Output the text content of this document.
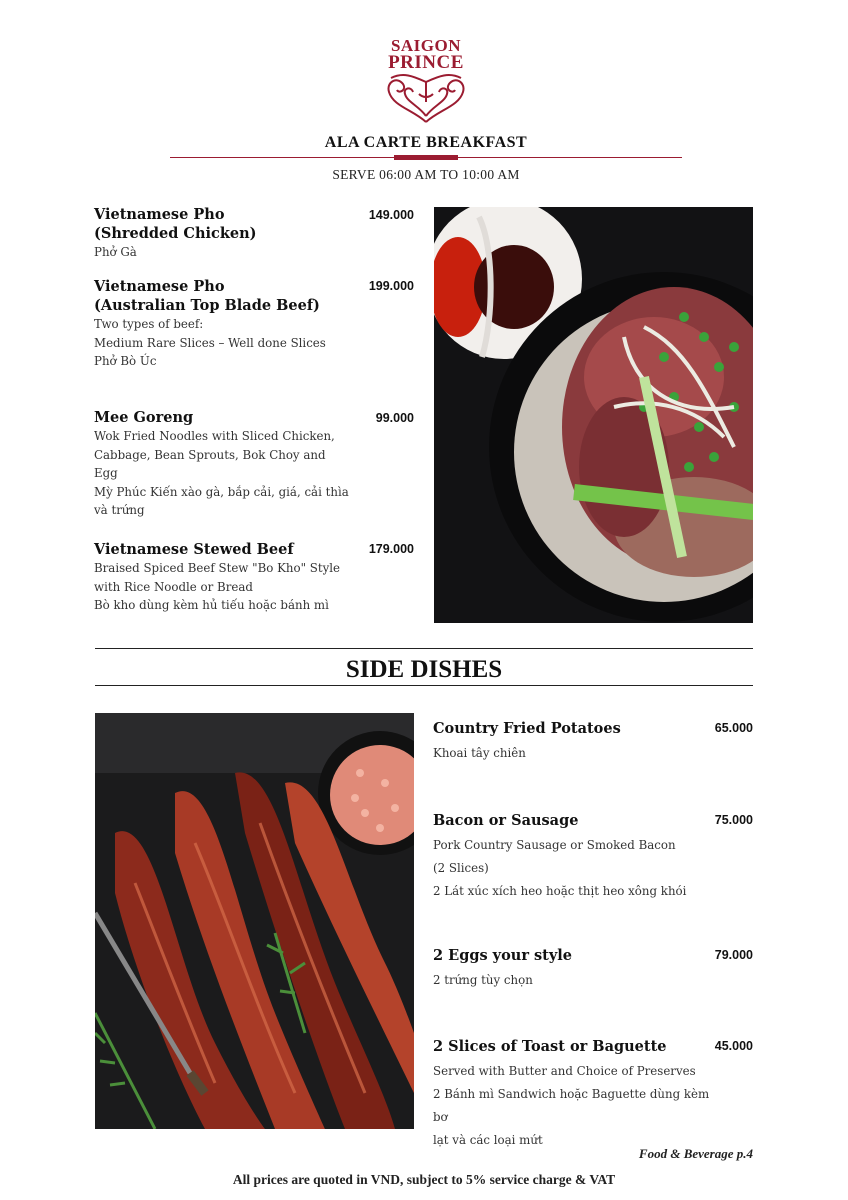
SAIGON
PRINCE
ALA CARTE BREAKFAST
SERVE 06:00 AM TO 10:00 AM
Vietnamese Pho
(Shredded Chicken)
Phở Gà
149.000
Vietnamese Pho
(Australian Top Blade Beef)
Two types of beef:
Medium Rare Slices – Well done Slices
Phở Bò Úc
199.000
Mee Goreng
Wok Fried Noodles with Sliced Chicken,
Cabbage, Bean Sprouts, Bok Choy and
Egg
Mỳ Phúc Kiến xào gà, bắp cải, giá, cải thìa
và trứng
99.000
Vietnamese Stewed Beef
Braised Spiced Beef Stew "Bo Kho" Style
with Rice Noodle or Bread
Bò kho dùng kèm hủ tiếu hoặc bánh mì
179.000
SIDE DISHES
Country Fried Potatoes
Khoai tây chiên
65.000
Bacon or Sausage
Pork Country Sausage or Smoked Bacon
(2 Slices)
2 Lát xúc xích heo hoặc thịt heo xông khói
75.000
2 Eggs your style
2 trứng tùy chọn
79.000
2 Slices of Toast or Baguette
Served with Butter and Choice of Preserves
2 Bánh mì Sandwich hoặc Baguette dùng kèm bơ
lạt và các loại mứt
45.000
Food & Beverage p.4
All prices are quoted in VND, subject to 5% service charge & VAT
